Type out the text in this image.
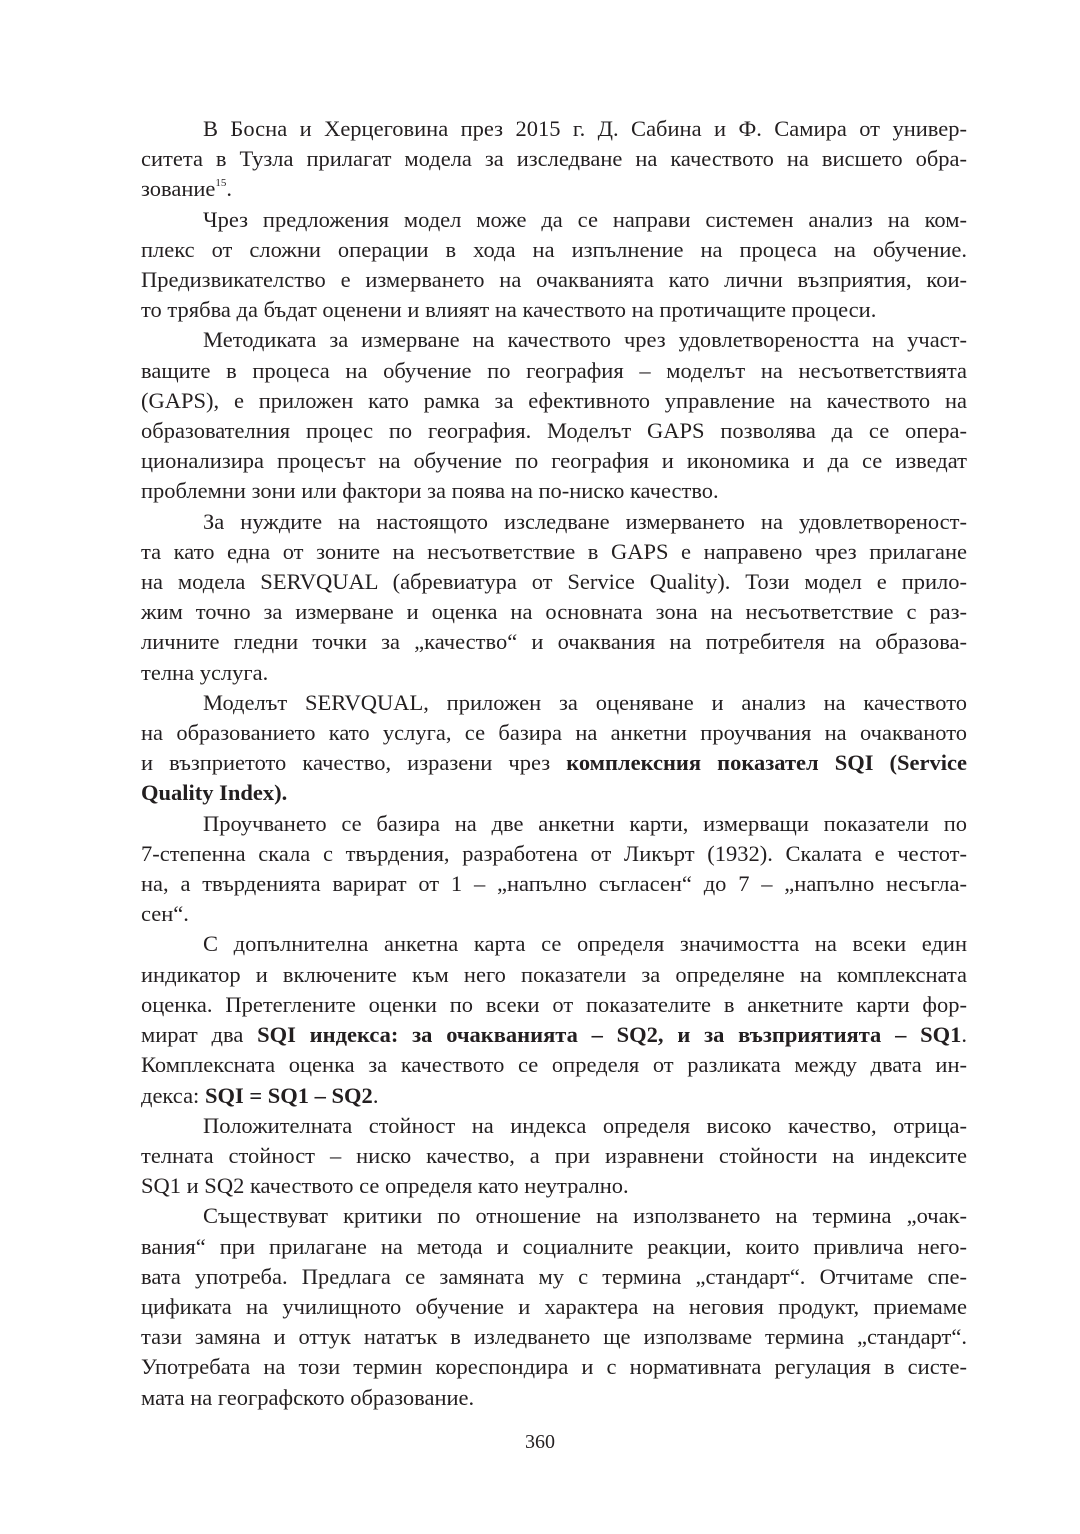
В Босна и Херцеговина през 2015 г. Д. Сабина и Ф. Самира от универ-
ситета в Тузла прилагат модела за изследване на качеството на висшето обра-
зование$^{15}$.
Чрез предложения модел може да се направи системен анализ на ком-
плекс от сложни операции в хода на изпълнение на процеса на обучение.
Предизвикателство е измерването на очакванията като лични възприятия, кои-
то трябва да бъдат оценени и влияят на качеството на протичащите процеси.
Методиката за измерване на качеството чрез удовлетвореността на участ-
ващите в процеса на обучение по география – моделът на несъответствията
(GAPS), е приложен като рамка за ефективното управление на качеството на
образователния процес по география. Моделът GAPS позволява да се опера-
ционализира процесът на обучение по география и икономика и да се изведат
проблемни зони или фактори за поява на по-ниско качество.
За нуждите на настоящото изследване измерването на удовлетвореност-
та като една от зоните на несъответствие в GAPS е направено чрез прилагане
на модела SERVQUAL (абревиатура от Service Quality). Този модел е прило-
жим точно за измерване и оценка на основната зона на несъответствие с раз-
личните гледни точки за „качество“ и очаквания на потребителя на образова-
телна услуга.
Моделът SERVQUAL, приложен за оценяване и анализ на качеството
на образованието като услуга, се базира на анкетни проучвания на очакваното
и възприетото качество, изразени чрез комплексния показател SQI (Service
Quality Index).
Проучването се базира на две анкетни карти, измерващи показатели по
7-степенна скала с твърдения, разработена от Ликърт (1932). Скалата е честот-
на, а твърденията варират от 1 – „напълно съгласен“ до 7 – „напълно несъгла-
сен“.
С допълнителна анкетна карта се определя значимостта на всеки един
индикатор и включените към него показатели за определяне на комплексната
оценка. Претеглените оценки по всеки от показателите в анкетните карти фор-
мират два SQI индекса: за очакванията – SQ2, и за възприятията – SQ1.
Комплексната оценка за качеството се определя от разликата между двата ин-
декса: SQI = SQ1 – SQ2.
Положителната стойност на индекса определя високо качество, отрица-
телната стойност – ниско качество, а при изравнени стойности на индексите
SQ1 и SQ2 качеството се определя като неутрално.
Съществуват критики по отношение на използването на термина „очак-
вания“ при прилагане на метода и социалните реакции, които привлича него-
вата употреба. Предлага се замяната му с термина „стандарт“. Отчитаме спе-
цификата на училищното обучение и характера на неговия продукт, приемаме
тази замяна и оттук нататък в изледването ще използваме термина „стандарт“.
Употребата на този термин кореспондира и с нормативната регулация в систе-
мата на географското образование.
360
